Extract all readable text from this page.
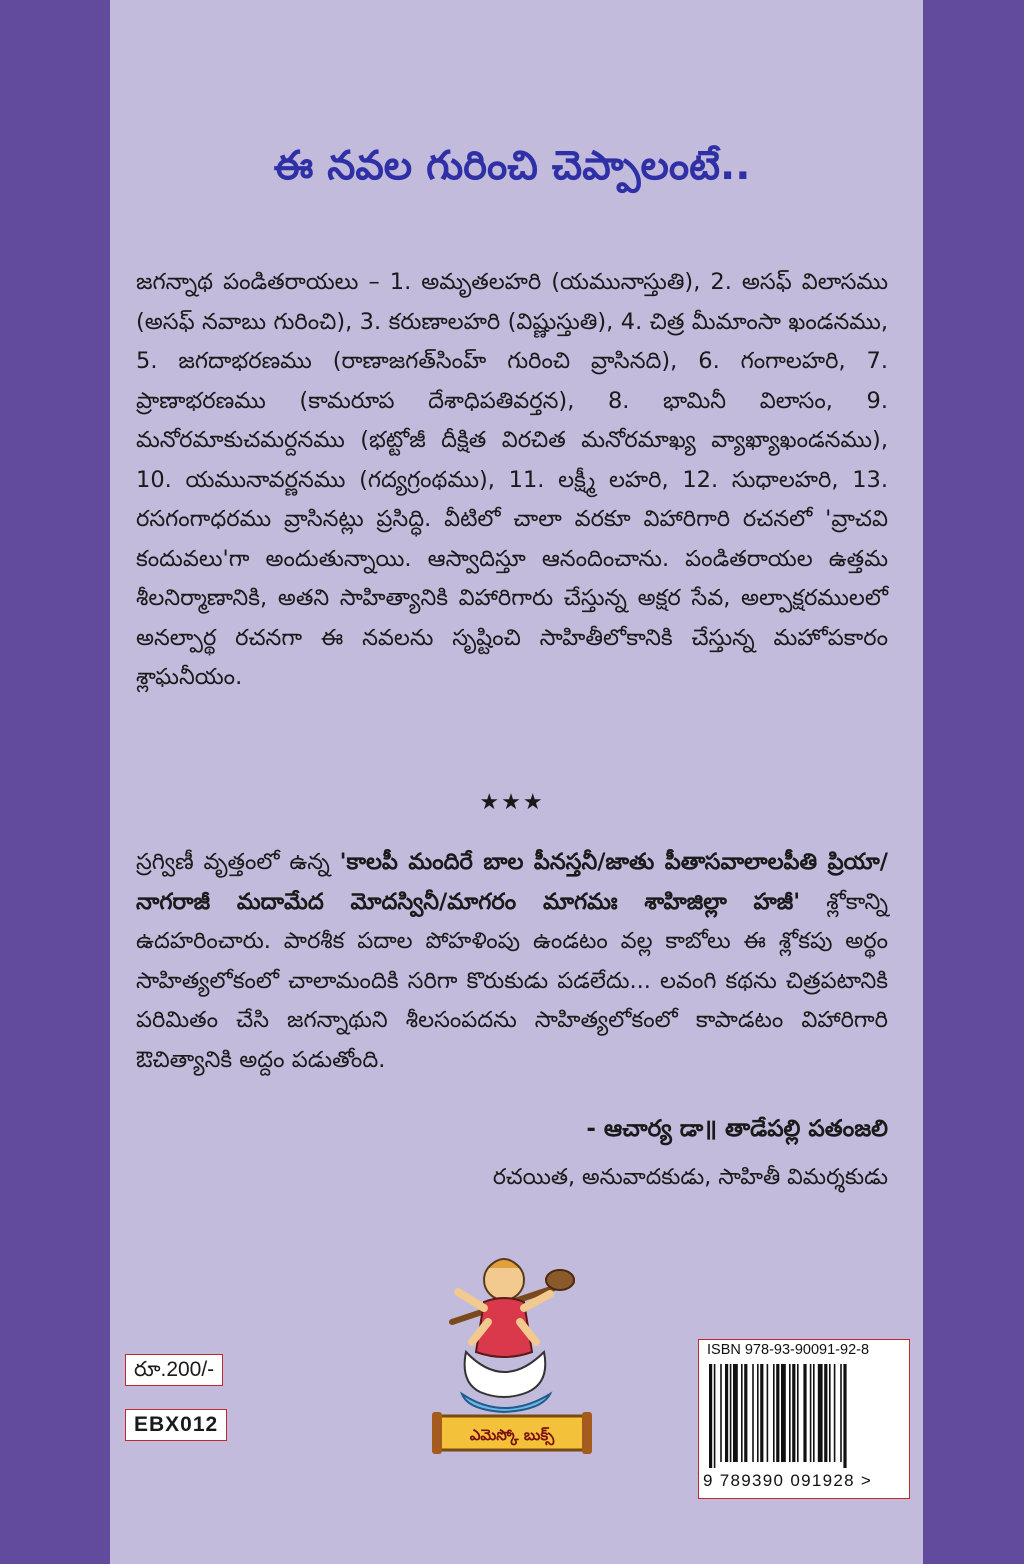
ఈ నవల గురించి చెప్పాలంటే..
జగన్నాథ పండితరాయలు – 1. అమృతలహరి (యమునాస్తుతి), 2. అసఫ్ విలాసము (అసఫ్ నవాబు గురించి), 3. కరుణాలహరి (విష్ణుస్తుతి), 4. చిత్ర మీమాంసా ఖండనము, 5. జగదాభరణము (రాణాజగత్‌సింహ్ గురించి వ్రాసినది), 6. గంగాలహరి, 7. ప్రాణాభరణము (కామరూప దేశాధిపతివర్తన), 8. భామినీ విలాసం, 9. మనోరమాకుచమర్దనము (భట్టోజీ దీక్షిత విరచిత మనోరమాఖ్య వ్యాఖ్యాఖండనము), 10. యమునావర్ణనము (గద్యగ్రంథము), 11. లక్ష్మీ లహరి, 12. సుధాలహరి, 13. రసగంగాధరము వ్రాసినట్లు ప్రసిద్ధి. వీటిలో చాలా వరకూ విహారిగారి రచనలో 'వ్రాచవి కందువలు'గా అందుతున్నాయి. ఆస్వాదిస్తూ ఆనందించాను. పండితరాయల ఉత్తమ శీలనిర్మాణానికి, అతని సాహిత్యానికి విహారిగారు చేస్తున్న అక్షర సేవ, అల్పాక్షరములలో అనల్పార్థ రచనగా ఈ నవలను సృష్టించి సాహితీలోకానికి చేస్తున్న మహోపకారం శ్లాఘనీయం.
★★★
స్రగ్విణీ వృత్తంలో ఉన్న 'కాలపీ మందిరే బాల పీనస్తనీ/జాతు పీతాసవాలాలపీతి ప్రియా/నాగరాజీ మదామేద మోదస్వినీ/మాగరం మాగమః శాహిజిల్లా హజీ' శ్లోకాన్ని ఉదహరించారు. పారశీక పదాల పోహళింపు ఉండటం వల్ల కాబోలు ఈ శ్లోకపు అర్థం సాహిత్యలోకంలో చాలామందికి సరిగా కొరుకుడు పడలేదు... లవంగి కథను చిత్రపటానికి పరిమితం చేసి జగన్నాథుని శీలసంపదను సాహిత్యలోకంలో కాపాడటం విహారిగారి ఔచిత్యానికి అద్దం పడుతోంది.
- ఆచార్య డా॥ తాడేపల్లి పతంజలి
రచయిత, అనువాదకుడు, సాహితీ విమర్శకుడు
ఎమెస్కో బుక్స్
రూ.200/-
EBX012
ISBN 978-93-90091-92-8
9 789390 091928 >
